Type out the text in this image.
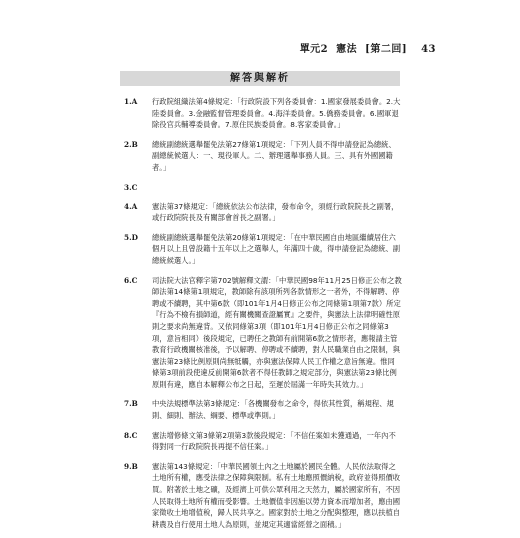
單元2 憲法 [第二回] 43
解答與解析
1.A 行政院組織法第4條規定：「行政院設下列各委員會：1.國家發展委員會。2.大陸委員會。3.金融監督管理委員會。4.海洋委員會。5.僑務委員會。6.國軍退除役官兵輔導委員會。7.原住民族委員會。8.客家委員會。」
2.B 總統副總統選舉罷免法第27條第1項規定：「下列人員不得申請登記為總統、副總統候選人：一、現役軍人。二、辦理選舉事務人員。三、具有外國國籍者。」
3.C
4.A 憲法第37條規定：「總統依法公布法律，發布命令，須經行政院院長之副署，或行政院院長及有關部會首長之副署。」
5.D 總統副總統選舉罷免法第20條第1項規定：「在中華民國自由地區繼續居住六個月以上且曾設籍十五年以上之選舉人，年滿四十歲，得申請登記為總統、副總統候選人。」
6.C 司法院大法官釋字第702號解釋文謂：「中華民國98年11月25日修正公布之教師法第14條第1項規定，教師除有該項所列各款情形之一者外，不得解聘、停聘或不續聘，其中第6款（即101年1月4日修正公布之同條第1項第7款）所定『行為不檢有損師道，經有關機關查證屬實』之要件，與憲法上法律明確性原則之要求尚無違背。又依同條第3項（即101年1月4日修正公布之同條第3項，意旨相同）後段規定，已聘任之教師有前開第6款之情形者，應報請主管教育行政機關核准後，予以解聘、停聘或不續聘，對人民職業自由之限制，與憲法第23條比例原則尚無牴觸，亦與憲法保障人民工作權之意旨無違。惟同條第3項前段使違反前開第6款者不得任教師之規定部分，與憲法第23條比例原則有違，應自本解釋公布之日起，至遲於屆滿一年時失其效力。」
7.B 中央法規標準法第3條規定：「各機關發布之命令，得依其性質，稱規程、規則、細則、辦法、綱要、標準或準則。」
8.C 憲法增修條文第3條第2項第3款後段規定：「不信任案如未獲通過，一年內不得對同一行政院院長再提不信任案。」
9.B 憲法第143條規定：「中華民國領土內之土地屬於國民全體。人民依法取得之土地所有權，應受法律之保障與限制。私有土地應照價納稅，政府並得照價收買。附著於土地之礦，及經濟上可供公眾利用之天然力，屬於國家所有，不因人民取得土地所有權而受影響。土地價值非因施以勞力資本而增加者，應由國家徵收土地增值稅，歸人民共享之。國家對於土地之分配與整理，應以扶植自耕農及自行使用土地人為原則，並規定其適當經營之面積。」
